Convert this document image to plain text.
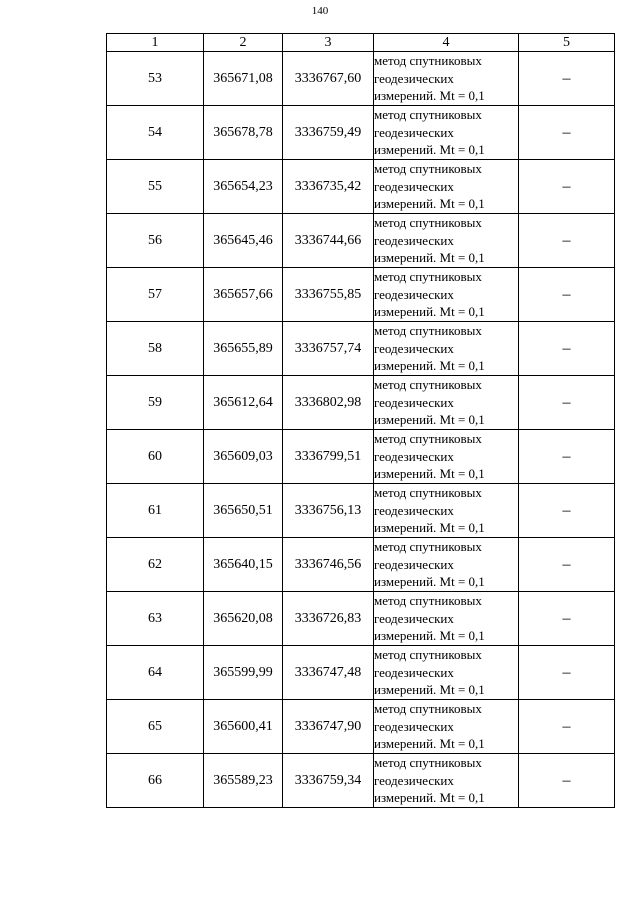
140
1	2	3	4	5
53	365671,08	3336767,60	метод спутниковых
геодезических
измерений. Mt = 0,1	–
54	365678,78	3336759,49	метод спутниковых
геодезических
измерений. Mt = 0,1	–
55	365654,23	3336735,42	метод спутниковых
геодезических
измерений. Mt = 0,1	–
56	365645,46	3336744,66	метод спутниковых
геодезических
измерений. Mt = 0,1	–
57	365657,66	3336755,85	метод спутниковых
геодезических
измерений. Mt = 0,1	–
58	365655,89	3336757,74	метод спутниковых
геодезических
измерений. Mt = 0,1	–
59	365612,64	3336802,98	метод спутниковых
геодезических
измерений. Mt = 0,1	–
60	365609,03	3336799,51	метод спутниковых
геодезических
измерений. Mt = 0,1	–
61	365650,51	3336756,13	метод спутниковых
геодезических
измерений. Mt = 0,1	–
62	365640,15	3336746,56	метод спутниковых
геодезических
измерений. Mt = 0,1	–
63	365620,08	3336726,83	метод спутниковых
геодезических
измерений. Mt = 0,1	–
64	365599,99	3336747,48	метод спутниковых
геодезических
измерений. Mt = 0,1	–
65	365600,41	3336747,90	метод спутниковых
геодезических
измерений. Mt = 0,1	–
66	365589,23	3336759,34	метод спутниковых
геодезических
измерений. Mt = 0,1	–
